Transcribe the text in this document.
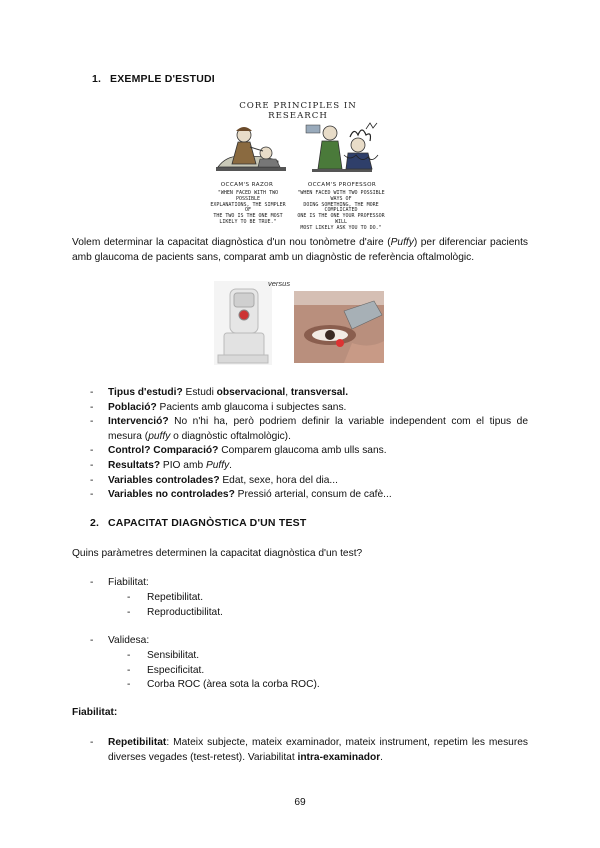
1. EXEMPLE D'ESTUDI
CORE PRINCIPLES IN RESEARCH
OCCAM'S RAZOR	OCCAM'S PROFESSOR
"WHEN FACED WITH TWO POSSIBLE
EXPLANATIONS, THE SIMPLER OF
THE TWO IS THE ONE MOST
LIKELY TO BE TRUE."
"WHEN FACED WITH TWO POSSIBLE WAYS OF
DOING SOMETHING, THE MORE COMPLICATED
ONE IS THE ONE YOUR PROFESSOR WILL
MOST LIKELY ASK YOU TO DO."

Volem determinar la capacitat diagnòstica d'un nou tonòmetre d'aire (Puffy) per diferenciar pacients amb glaucoma de pacients sans, comparat amb un diagnòstic de referència oftalmològic.

versus
- Tipus d'estudi? Estudi observacional, transversal.
- Població? Pacients amb glaucoma i subjectes sans.
- Intervenció? No n'hi ha, però podriem definir la variable independent com el tipus de mesura (puffy o diagnòstic oftalmològic).
- Control? Comparació? Comparem glaucoma amb ulls sans.
- Resultats? PIO amb Puffy.
- Variables controlades? Edat, sexe, hora del dia...
- Variables no controlades? Pressió arterial, consum de cafè...
2. CAPACITAT DIAGNÒSTICA D'UN TEST

Quins paràmetres determinen la capacitat diagnòstica d'un test?

- Fiabilitat:
- Repetibilitat.
- Reproductibilitat.
- Validesa:
- Sensibilitat.
- Especificitat.
- Corba ROC (àrea sota la corba ROC).
Fiabilitat:
- Repetibilitat: Mateix subjecte, mateix examinador, mateix instrument, repetim les mesures diverses vegades (test-retest). Variabilitat intra-examinador.
69
